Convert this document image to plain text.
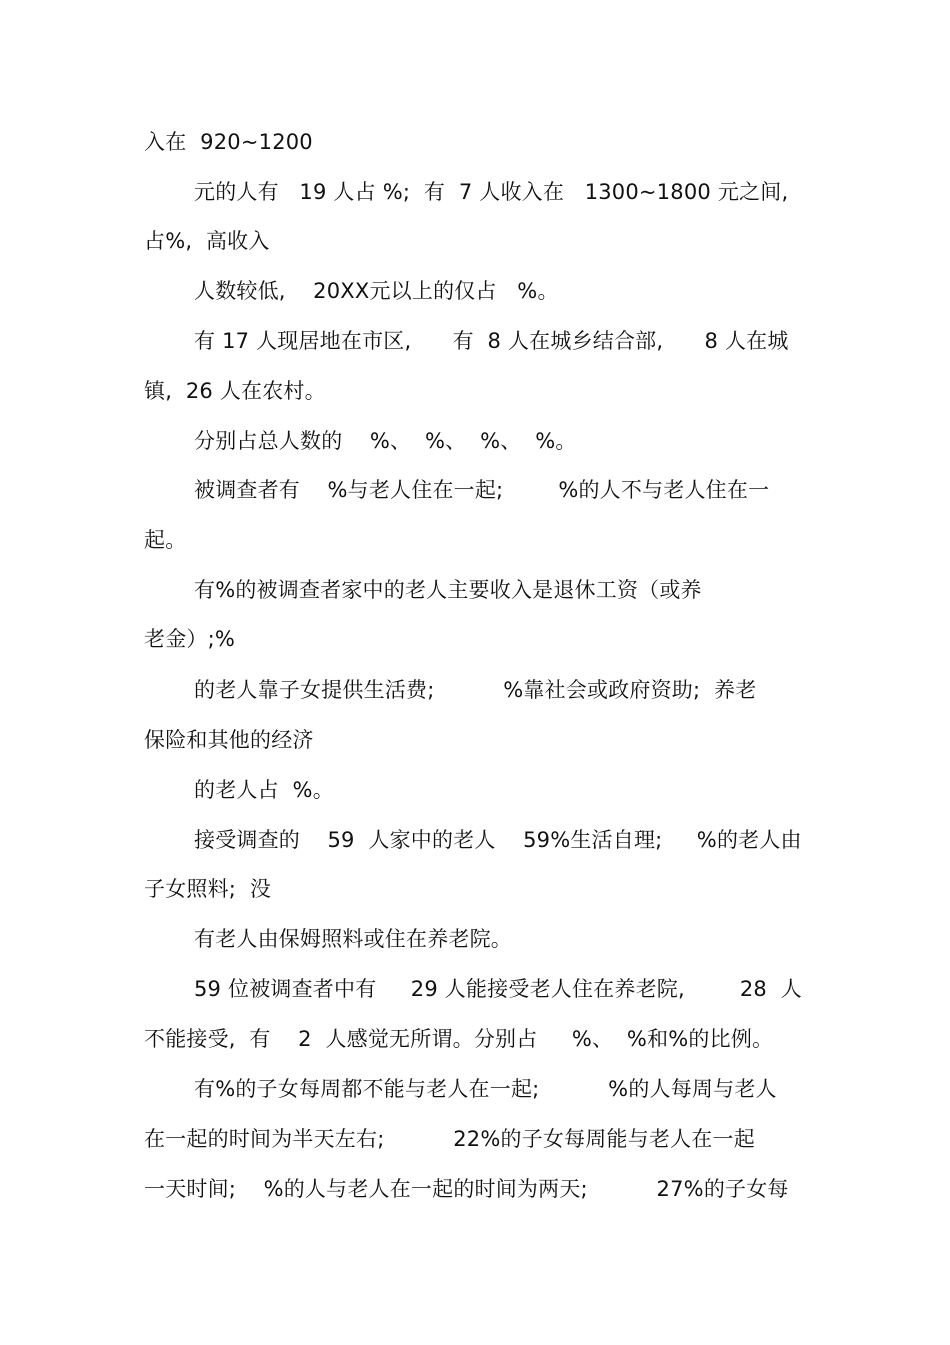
入在  920~1200
元的人有   19 人占 %;  有  7 人收入在   1300~1800 元之间,
占%,  高收入
人数较低,    20XX元以上的仅占   %。
有 17 人现居地在市区,      有  8 人在城乡结合部,      8 人在城
镇,  26 人在农村。
分别占总人数的    %、  %、  %、  %。
被调查者有    %与老人住在一起;        %的人不与老人住在一
起。
有%的被调查者家中的老人主要收入是退休工资（或养
老金）;%
的老人靠子女提供生活费;          %靠社会或政府资助;  养老
保险和其他的经济
的老人占  %。
接受调查的    59  人家中的老人    59%生活自理;     %的老人由
子女照料;  没
有老人由保姆照料或住在养老院。
59 位被调查者中有     29 人能接受老人住在养老院,        28  人
不能接受,  有    2  人感觉无所谓。分别占     %、  %和%的比例。
有%的子女每周都不能与老人在一起;          %的人每周与老人
在一起的时间为半天左右;          22%的子女每周能与老人在一起
一天时间;    %的人与老人在一起的时间为两天;          27%的子女每
